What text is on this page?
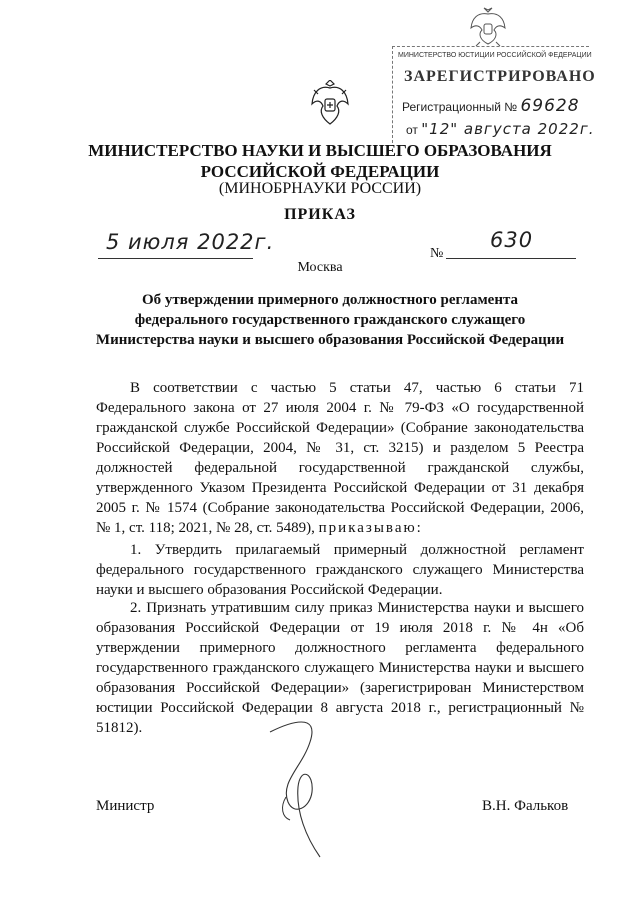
МИНИСТЕРСТВО ЮСТИЦИИ РОССИЙСКОЙ ФЕДЕРАЦИИ
ЗАРЕГИСТРИРОВАНО
Регистрационный № 69628
от "12" августа 2022г.
МИНИСТЕРСТВО НАУКИ И ВЫСШЕГО ОБРАЗОВАНИЯ
РОССИЙСКОЙ ФЕДЕРАЦИИ
(МИНОБРНАУКИ РОССИИ)
ПРИКАЗ
5 июля 2022г.	№
630
Москва
Об утверждении примерного должностного регламента
федерального государственного гражданского служащего
Министерства науки и высшего образования Российской Федерации

В соответствии с частью 5 статьи 47, частью 6 статьи 71 Федерального закона от 27 июля 2004 г. № 79-ФЗ «О государственной гражданской службе Российской Федерации» (Собрание законодательства Российской Федерации, 2004, № 31, ст. 3215) и разделом 5 Реестра должностей федеральной государственной гражданской службы, утвержденного Указом Президента Российской Федерации от 31 декабря 2005 г. № 1574 (Собрание законодательства Российской Федерации, 2006, № 1, ст. 118; 2021, № 28, ст. 5489), приказываю:

1. Утвердить прилагаемый примерный должностной регламент федерального государственного гражданского служащего Министерства науки и высшего образования Российской Федерации.

2. Признать утратившим силу приказ Министерства науки и высшего образования Российской Федерации от 19 июля 2018 г. № 4н «Об утверждении примерного должностного регламента федерального государственного гражданского служащего Министерства науки и высшего образования Российской Федерации» (зарегистрирован Министерством юстиции Российской Федерации 8 августа 2018 г., регистрационный № 51812).

Министр	В.Н. Фальков
